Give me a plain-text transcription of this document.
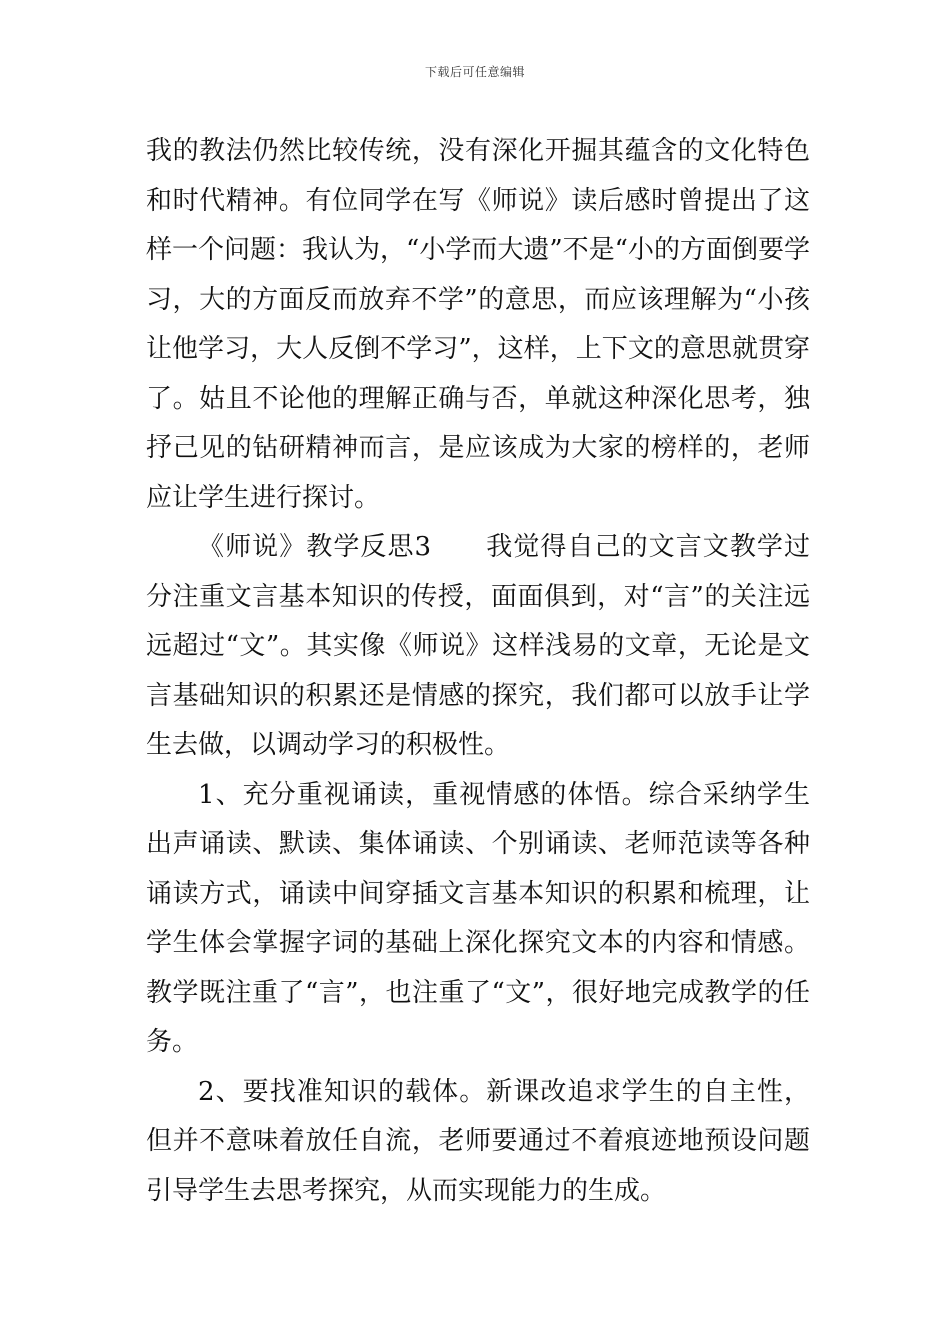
下载后可任意编辑

我的教法仍然比较传统，没有深化开掘其蕴含的文化特色和时代精神。有位同学在写《师说》读后感时曾提出了这样一个问题：我认为，“小学而大遗”不是“小的方面倒要学习，大的方面反而放弃不学”的意思，而应该理解为“小孩让他学习，大人反倒不学习”，这样，上下文的意思就贯穿了。姑且不论他的理解正确与否，单就这种深化思考，独抒己见的钻研精神而言，是应该成为大家的榜样的，老师应让学生进行探讨。

《师说》教学反思3　　我觉得自己的文言文教学过分注重文言基本知识的传授，面面俱到，对“言”的关注远远超过“文”。其实像《师说》这样浅易的文章，无论是文言基础知识的积累还是情感的探究，我们都可以放手让学生去做，以调动学习的积极性。

1、充分重视诵读，重视情感的体悟。综合采纳学生出声诵读、默读、集体诵读、个别诵读、老师范读等各种诵读方式，诵读中间穿插文言基本知识的积累和梳理，让学生体会掌握字词的基础上深化探究文本的内容和情感。教学既注重了“言”，也注重了“文”，很好地完成教学的任务。

2、要找准知识的载体。新课改追求学生的自主性，但并不意味着放任自流，老师要通过不着痕迹地预设问题引导学生去思考探究，从而实现能力的生成。
